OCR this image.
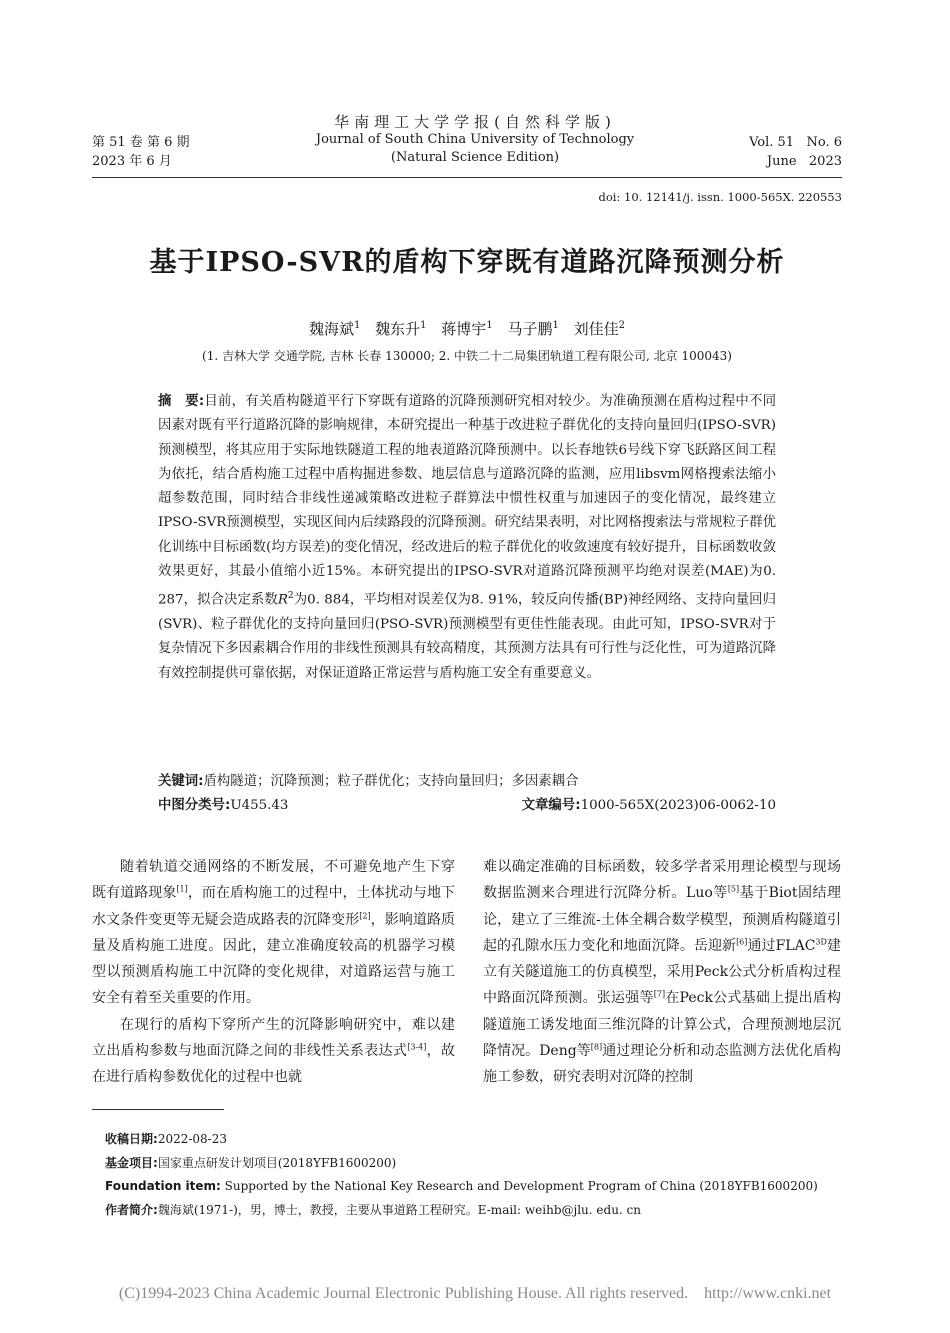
第 51 卷 第 6 期
2023 年 6 月
华南理工大学学报(自然科学版)
Journal of South China University of Technology
(Natural Science Edition)
Vol. 51   No. 6
June   2023
doi: 10. 12141/j. issn. 1000-565X. 220553
基于IPSO-SVR的盾构下穿既有道路沉降预测分析
魏海斌$^1$ 魏东升$^1$ 蒋博宇$^1$ 马子鹏$^1$ 刘佳佳$^2$
(1. 吉林大学 交通学院, 吉林 长春 130000; 2. 中铁二十二局集团轨道工程有限公司, 北京 100043)
摘　要:目前，有关盾构隧道平行下穿既有道路的沉降预测研究相对较少。为准确预测在盾构过程中不同因素对既有平行道路沉降的影响规律，本研究提出一种基于改进粒子群优化的支持向量回归(IPSO-SVR)预测模型，将其应用于实际地铁隧道工程的地表道路沉降预测中。以长春地铁6号线下穿飞跃路区间工程为依托，结合盾构施工过程中盾构掘进参数、地层信息与道路沉降的监测，应用libsvm网格搜索法缩小超参数范围，同时结合非线性递减策略改进粒子群算法中惯性权重与加速因子的变化情况，最终建立IPSO-SVR预测模型，实现区间内后续路段的沉降预测。研究结果表明，对比网格搜索法与常规粒子群优化训练中目标函数(均方误差)的变化情况，经改进后的粒子群优化的收敛速度有较好提升，目标函数收敛效果更好，其最小值缩小近15%。本研究提出的IPSO-SVR对道路沉降预测平均绝对误差(MAE)为0. 287，拟合决定系数$R^2$为0. 884，平均相对误差仅为8. 91%，较反向传播(BP)神经网络、支持向量回归(SVR)、粒子群优化的支持向量回归(PSO-SVR)预测模型有更佳性能表现。由此可知，IPSO-SVR对于复杂情况下多因素耦合作用的非线性预测具有较高精度，其预测方法具有可行性与泛化性，可为道路沉降有效控制提供可靠依据，对保证道路正常运营与盾构施工安全有重要意义。
关键词:盾构隧道；沉降预测；粒子群优化；支持向量回归；多因素耦合
中图分类号:U455.43	文章编号:1000-565X(2023)06-0062-10

随着轨道交通网络的不断发展，不可避免地产生下穿既有道路现象[1]，而在盾构施工的过程中，土体扰动与地下水文条件变更等无疑会造成路表的沉降变形[2]，影响道路质量及盾构施工进度。因此，建立准确度较高的机器学习模型以预测盾构施工中沉降的变化规律，对道路运营与施工安全有着至关重要的作用。

在现行的盾构下穿所产生的沉降影响研究中，难以建立出盾构参数与地面沉降之间的非线性关系表达式[3-4]，故在进行盾构参数优化的过程中也就

难以确定准确的目标函数，较多学者采用理论模型与现场数据监测来合理进行沉降分析。Luo等[5]基于Biot固结理论，建立了三维流-土体全耦合数学模型，预测盾构隧道引起的孔隙水压力变化和地面沉降。岳迎新[6]通过$FLAC^{3D}$建立有关隧道施工的仿真模型，采用Peck公式分析盾构过程中路面沉降预测。张运强等[7]在Peck公式基础上提出盾构隧道施工诱发地面三维沉降的计算公式，合理预测地层沉降情况。Deng等[8]通过理论分析和动态监测方法优化盾构施工参数，研究表明对沉降的控制

收稿日期:2022-08-23
基金项目:国家重点研发计划项目(2018YFB1600200)
Foundation item: Supported by the National Key Research and Development Program of China (2018YFB1600200)
作者简介:魏海斌(1971-)，男，博士，教授，主要从事道路工程研究。E-mail: weihb@jlu. edu. cn
(C)1994-2023 China Academic Journal Electronic Publishing House. All rights reserved.    http://www.cnki.net
